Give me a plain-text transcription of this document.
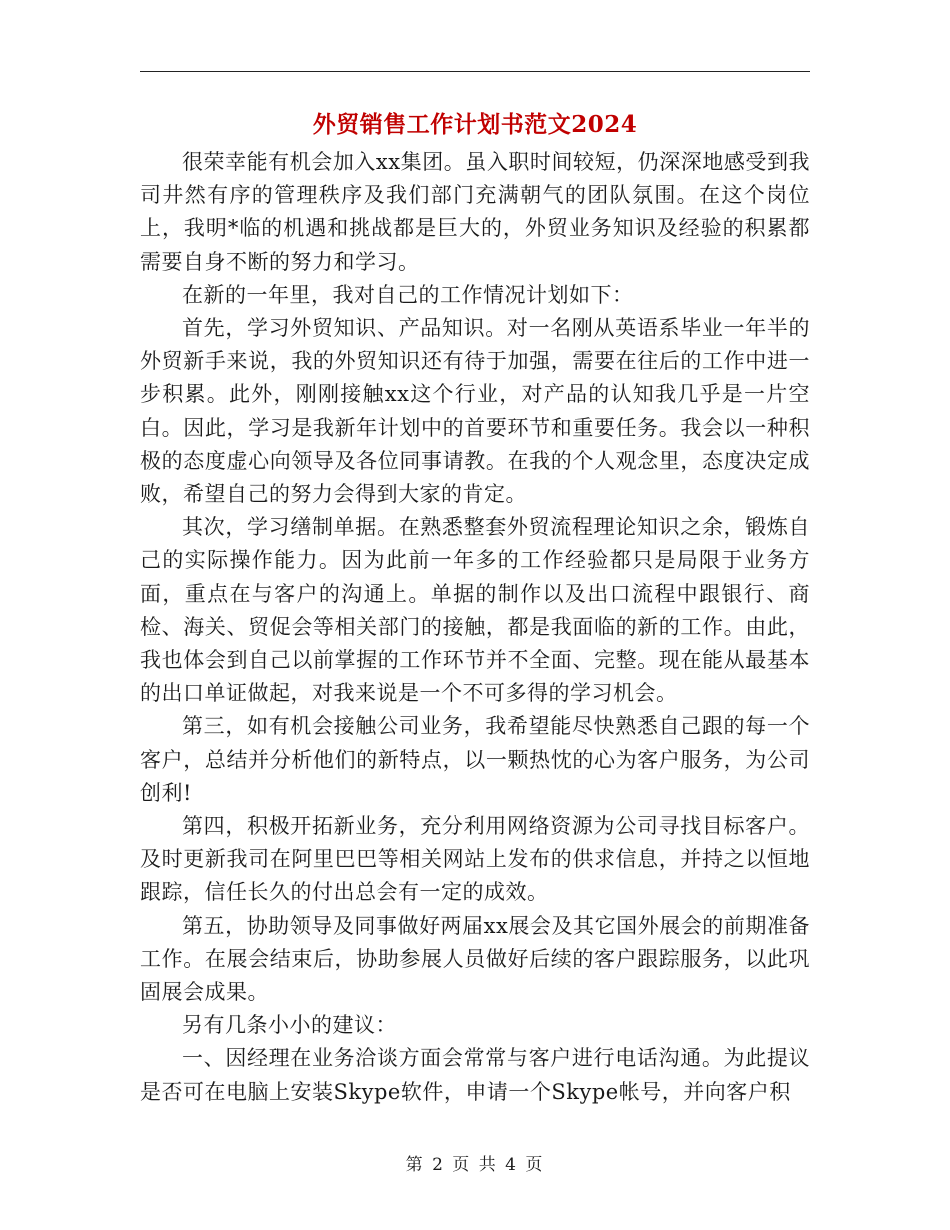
外贸销售工作计划书范文2024

很荣幸能有机会加入xx集团。虽入职时间较短，仍深深地感受到我司井然有序的管理秩序及我们部门充满朝气的团队氛围。在这个岗位上，我明*临的机遇和挑战都是巨大的，外贸业务知识及经验的积累都需要自身不断的努力和学习。

在新的一年里，我对自己的工作情况计划如下：

首先，学习外贸知识、产品知识。对一名刚从英语系毕业一年半的外贸新手来说，我的外贸知识还有待于加强，需要在往后的工作中进一步积累。此外，刚刚接触xx这个行业，对产品的认知我几乎是一片空白。因此，学习是我新年计划中的首要环节和重要任务。我会以一种积极的态度虚心向领导及各位同事请教。在我的个人观念里，态度决定成败，希望自己的努力会得到大家的肯定。

其次，学习缮制单据。在熟悉整套外贸流程理论知识之余，锻炼自己的实际操作能力。因为此前一年多的工作经验都只是局限于业务方面，重点在与客户的沟通上。单据的制作以及出口流程中跟银行、商检、海关、贸促会等相关部门的接触，都是我面临的新的工作。由此，我也体会到自己以前掌握的工作环节并不全面、完整。现在能从最基本的出口单证做起，对我来说是一个不可多得的学习机会。

第三，如有机会接触公司业务，我希望能尽快熟悉自己跟的每一个客户，总结并分析他们的新特点，以一颗热忱的心为客户服务，为公司创利!

第四，积极开拓新业务，充分利用网络资源为公司寻找目标客户。及时更新我司在阿里巴巴等相关网站上发布的供求信息，并持之以恒地跟踪，信任长久的付出总会有一定的成效。

第五，协助领导及同事做好两届xx展会及其它国外展会的前期准备工作。在展会结束后，协助参展人员做好后续的客户跟踪服务，以此巩固展会成果。

另有几条小小的建议：

一、因经理在业务洽谈方面会常常与客户进行电话沟通。为此提议是否可在电脑上安装Skype软件，申请一个Skype帐号，并向客户积

第 2 页 共 4 页
